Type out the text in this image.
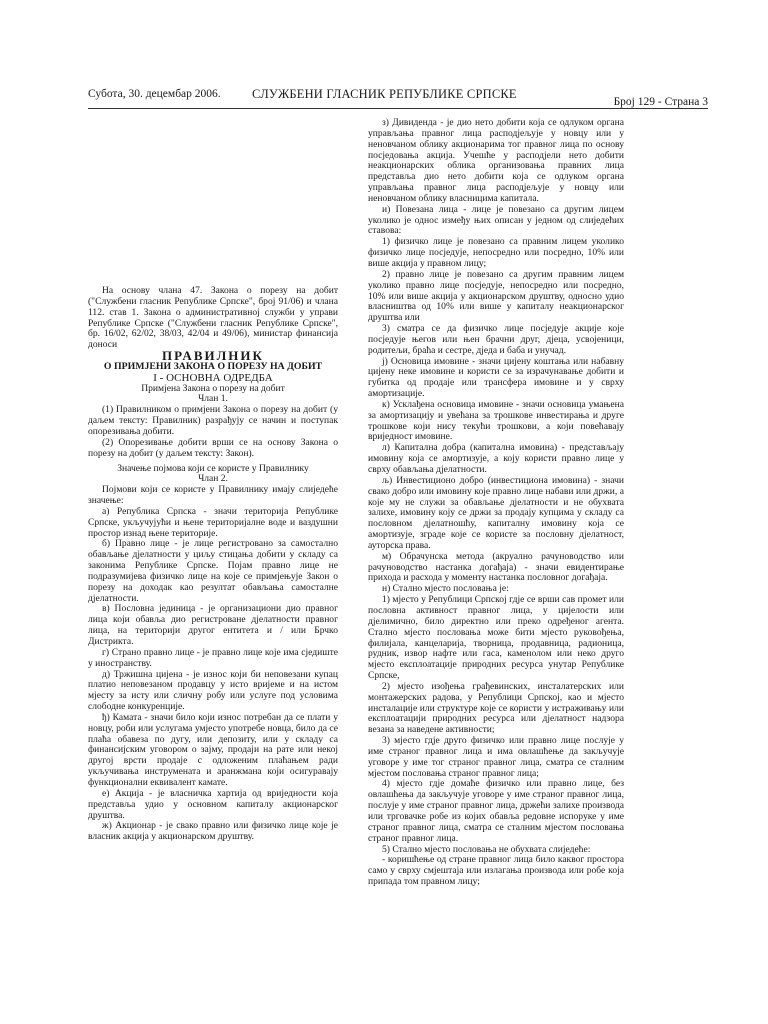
Субота, 30. децембар 2006.	СЛУЖБЕНИ ГЛАСНИК РЕПУБЛИКЕ СРПСКЕ
Број 129 - Страна 3

На основу члана 47. Закона о порезу на добит ("Службени гласник Републике Српске", број 91/06) и члана 112. став 1. Закона о административној служби у управи Републике Српске ("Службени гласник Републике Српске", бр. 16/02, 62/02, 38/03, 42/04 и 49/06), министар финансија доноси

ПРАВИЛНИК

О ПРИМЈЕНИ ЗАКОНА О ПОРЕЗУ НА ДОБИТ

I - ОСНОВНА ОДРЕДБА

Примјена Закона о порезу на добит

Члан 1.

(1) Правилником о примјени Закона о порезу на добит (у даљем тексту: Правилник) разрађују се начин и поступак опорезивања добити.

(2) Опорезивање добити врши се на основу Закона о порезу на добит (у даљем тексту: Закон).

Значење појмова који се користе у Правилнику

Члан 2.

Појмови који се користе у Правилнику имају слиједеће значење:

а) Република Српска - значи територија Републике Српске, укључујући и њене територијалне воде и ваздушни простор изнад њене територије.

б) Правно лице - је лице регистровано за самостално обављање дјелатности у циљу стицања добити у складу са законима Републике Српске. Појам правно лице не подразумијева физичко лице на које се примјењује Закон о порезу на доходак као резултат обављања самосталне дјелатности.

в) Пословна јединица - је организациони дио правног лица који обавља дио регистроване дјелатности правног лица, на територији другог ентитета и / или Брчко Дистрикта.

г) Страно правно лице - је правно лице које има сједиште у иностранству.

д) Тржишна цијена - је износ који би неповезани купац платио неповезаном продавцу у исто вријеме и на истом мјесту за исту или сличну робу или услуге под условима слободне конкуренције.

ђ) Камата - значи било који износ потребан да се плати у новцу, роби или услугама умјесто употребе новца, било да се плаћа обавеза по дугу, или депозиту, или у складу са финансијским уговором о зајму, продаји на рате или некој другој врсти продаје с одложеним плаћањем ради укључивања инструмената и аранжмана који осигуравају функционални еквивалент камате.

е) Акција - је власничка хартија од вриједности која представља удио у основном капиталу акционарског друштва.

ж) Акционар - је свако правно или физичко лице које је власник акција у акционарском друштву.

з) Дивиденда - је дио нето добити која се одлуком органа управљања правног лица расподјељује у новцу или у неновчаном облику акционарима тог правног лица по основу посједовања акција. Учешће у расподјели нето добити неакционарских облика организовања правних лица представља дио нето добити која се одлуком органа управљања правног лица расподјељује у новцу или неновчаном облику власницима капитала.

и) Повезана лица - лице је повезано са другим лицем уколико је однос између њих описан у једном од слиједећих ставова:

1) физичко лице је повезано са правним лицем уколико физичко лице посједује, непосредно или посредно, 10% или више акција у правном лицу;

2) правно лице је повезано са другим правним лицем уколико правно лице посједује, непосредно или посредно, 10% или више акција у акционарском друштву, односно удио власништва од 10% или више у капиталу неакционарског друштва или

3) сматра се да физичко лице посједује акције које посједује његов или њен брачни друг, дјеца, усвојеници, родитељи, браћа и сестре, дједа и баба и унучад.

ј) Основица имовине - значи цијену коштања или набавну цијену неке имовине и користи се за израчунавање добити и губитка од продаје или трансфера имовине и у сврху амортизације.

к) Усклађена основица имовине - значи основица умањена за амортизацију и увећана за трошкове инвестирања и друге трошкове који нису текући трошкови, а који повећавају вриједност имовине.

л) Капитална добра (капитална имовина) - представљају имовину која се амортизује, а коју користи правно лице у сврху обављања дјелатности.

љ) Инвестиционо добро (инвестициона имовина) - значи свако добро или имовину које правно лице набави или држи, а које му не служи за обављање дјелатности и не обухвата залихе, имовину коју се држи за продају купцима у складу са пословном дјелатношћу, капиталну имовину која се амортизује, зграде које се користе за пословну дјелатност, ауторска права.

м) Обрачунска метода (акруално рачуноводство или рачуноводство настанка догађаја) - значи евидентирање прихода и расхода у моменту настанка пословног догађаја.

н) Стално мјесто пословања је:

1) мјесто у Републици Српској гдје се врши сав промет или пословна активност правног лица, у цијелости или дјелимично, било директно или преко одређеног агента. Стално мјесто пословања може бити мјесто руковођења, филијала, канцеларија, творница, продавница, радионица, рудник, извор нафте или гаса, каменолом или неко друго мјесто експлоатације природних ресурса унутар Републике Српске,

2) мјесто изођења грађевинских, инсталатерских или монтажерских радова, у Републици Српској, као и мјесто инсталације или структуре које се користи у истраживању или експлоатацији природних ресурса или дјелатност надзора везана за наведене активности;

3) мјесто гдје друго физичко или правно лице послује у име страног правног лица и има овлашћење да закључује уговоре у име тог страног правног лица, сматра се сталним мјестом пословања страног правног лица;

4) мјесто гдје домаће физичко или правно лице, без овлашћења да закључује уговоре у име страног правног лица, послује у име страног правног лица, држећи залихе производа или трговачке робе из којих обавља редовне испоруке у име страног правног лица, сматра се сталним мјестом пословања страног правног лица.

5) Стално мјесто пословања не обухвата слиједеће:

- коришћење од стране правног лица било каквог простора само у сврху смјештаја или излагања производа или робе која припада том правном лицу;
